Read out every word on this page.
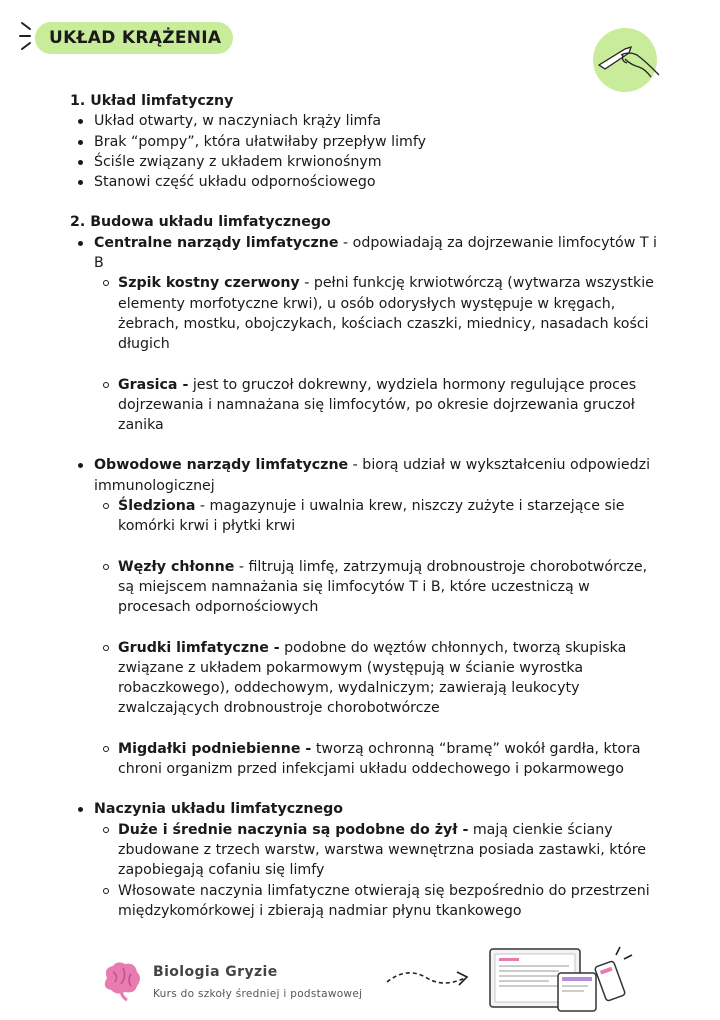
UKŁAD KRĄŻENIA
1. Układ limfatyczny
Układ otwarty, w naczyniach krąży limfa
Brak “pompy”, która ułatwiłaby przepływ limfy
Ściśle związany z układem krwionośnym
Stanowi część układu odpornościowego
2. Budowa układu limfatycznego
Centralne narządy limfatyczne - odpowiadają za dojrzewanie limfocytów T i B
Szpik kostny czerwony - pełni funkcję krwiotwórczą (wytwarza wszystkie elementy morfotyczne krwi), u osób odorysłych występuje w kręgach, żebrach, mostku, obojczykach, kościach czaszki, miednicy, nasadach kości długich
Grasica - jest to gruczoł dokrewny, wydziela hormony regulujące proces dojrzewania i namnażana się limfocytów, po okresie dojrzewania gruczoł zanika
Obwodowe narządy limfatyczne - biorą udział w wykształceniu odpowiedzi immunologicznej
Śledziona - magazynuje i uwalnia krew, niszczy zużyte i starzejące sie komórki krwi i płytki krwi
Węzły chłonne - filtrują limfę, zatrzymują drobnoustroje chorobotwórcze, są miejscem namnażania się limfocytów T i B, które uczestniczą w procesach odpornościowych
Grudki limfatyczne - podobne do węztów chłonnych, tworzą skupiska związane z układem pokarmowym (występują w ścianie wyrostka robaczkowego), oddechowym, wydalniczym; zawierają leukocyty zwalczających drobnoustroje chorobotwórcze
Migdałki podniebienne - tworzą ochronną “bramę” wokół gardła, ktora chroni organizm przed infekcjami układu oddechowego i pokarmowego
Naczynia układu limfatycznego
Duże i średnie naczynia są podobne do żył - mają cienkie ściany zbudowane z trzech warstw, warstwa wewnętrzna posiada zastawki, które zapobiegają cofaniu się limfy
Włosowate naczynia limfatyczne otwierają się bezpośrednio do przestrzeni międzykomórkowej i zbierają nadmiar płynu tkankowego
Biologia Gryzie
Kurs do szkoły średniej i podstawowej
